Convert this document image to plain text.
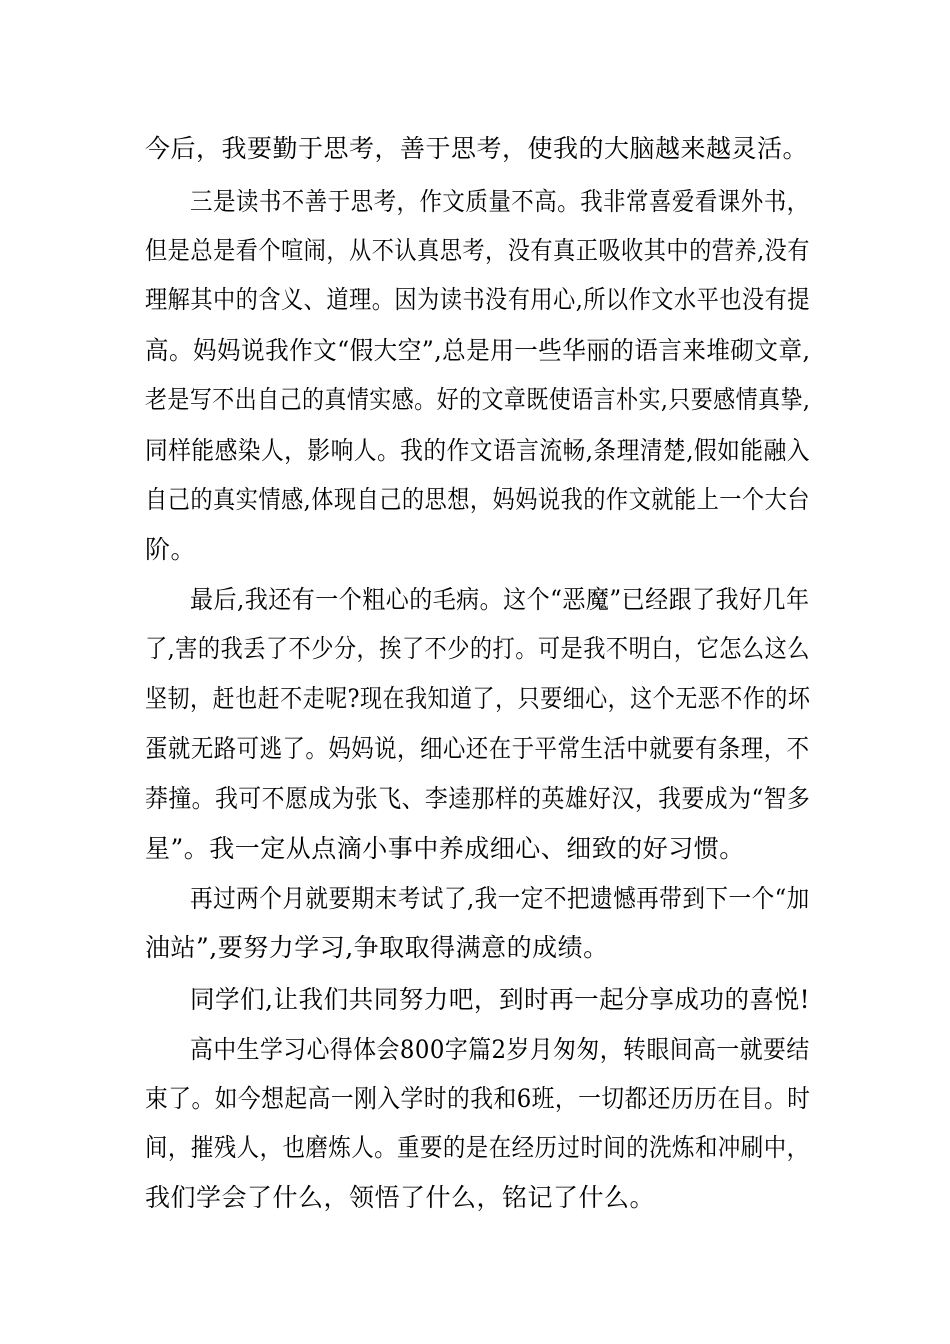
今后，我要勤于思考，善于思考，使我的大脑越来越灵活。
三是读书不善于思考，作文质量不高。我非常喜爱看课外书，
但是总是看个喧闹，从不认真思考，没有真正吸收其中的营养,没有
理解其中的含义、道理。因为读书没有用心,所以作文水平也没有提
高。妈妈说我作文“假大空”,总是用一些华丽的语言来堆砌文章,
老是写不出自己的真情实感。好的文章既使语言朴实,只要感情真挚,
同样能感染人，影响人。我的作文语言流畅,条理清楚,假如能融入
自己的真实情感,体现自己的思想，妈妈说我的作文就能上一个大台
阶。
最后,我还有一个粗心的毛病。这个“恶魔”已经跟了我好几年
了,害的我丢了不少分，挨了不少的打。可是我不明白，它怎么这么
坚韧，赶也赶不走呢?现在我知道了，只要细心，这个无恶不作的坏
蛋就无路可逃了。妈妈说，细心还在于平常生活中就要有条理，不
莽撞。我可不愿成为张飞、李逵那样的英雄好汉，我要成为“智多
星”。我一定从点滴小事中养成细心、细致的好习惯。
再过两个月就要期末考试了,我一定不把遗憾再带到下一个“加
油站”,要努力学习,争取取得满意的成绩。
同学们,让我们共同努力吧，到时再一起分享成功的喜悦!
高中生学习心得体会800字篇2岁月匆匆，转眼间高一就要结
束了。如今想起高一刚入学时的我和6班，一切都还历历在目。时
间，摧残人，也磨炼人。重要的是在经历过时间的洗炼和冲刷中，
我们学会了什么，领悟了什么，铭记了什么。
